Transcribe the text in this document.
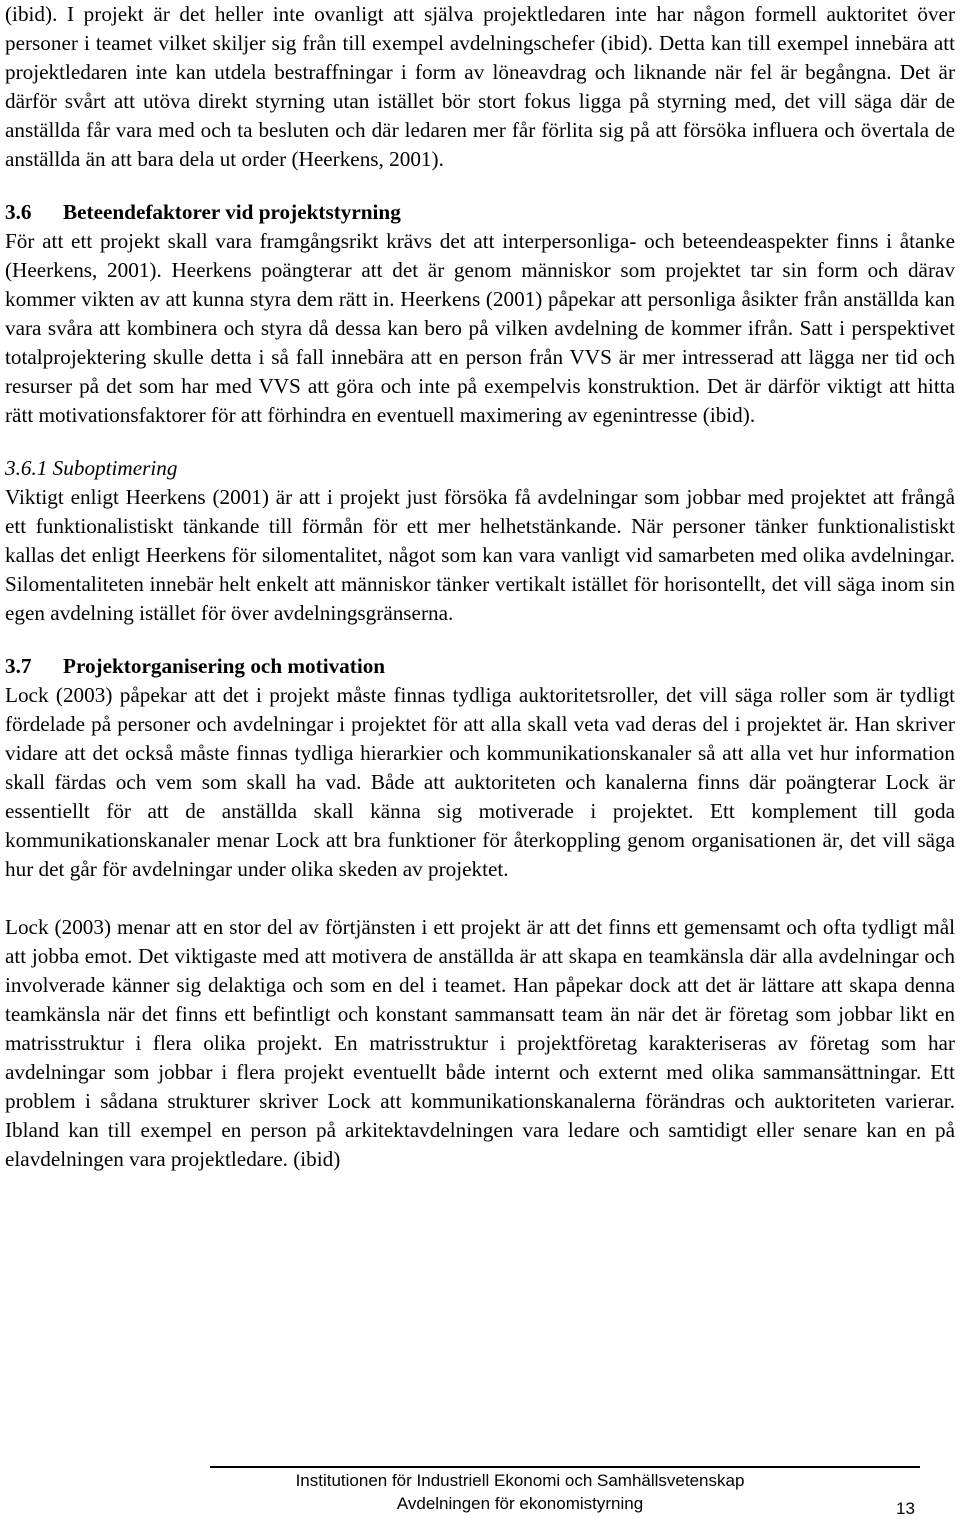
(ibid). I projekt är det heller inte ovanligt att själva projektledaren inte har någon formell auktoritet över personer i teamet vilket skiljer sig från till exempel avdelningschefer (ibid). Detta kan till exempel innebära att projektledaren inte kan utdela bestraffningar i form av löneavdrag och liknande när fel är begångna. Det är därför svårt att utöva direkt styrning utan istället bör stort fokus ligga på styrning med, det vill säga där de anställda får vara med och ta besluten och där ledaren mer får förlita sig på att försöka influera och övertala de anställda än att bara dela ut order (Heerkens, 2001).

3.6 Beteendefaktorer vid projektstyrning

För att ett projekt skall vara framgångsrikt krävs det att interpersonliga- och beteendeaspekter finns i åtanke (Heerkens, 2001). Heerkens poängterar att det är genom människor som projektet tar sin form och därav kommer vikten av att kunna styra dem rätt in. Heerkens (2001) påpekar att personliga åsikter från anställda kan vara svåra att kombinera och styra då dessa kan bero på vilken avdelning de kommer ifrån. Satt i perspektivet totalprojektering skulle detta i så fall innebära att en person från VVS är mer intresserad att lägga ner tid och resurser på det som har med VVS att göra och inte på exempelvis konstruktion. Det är därför viktigt att hitta rätt motivationsfaktorer för att förhindra en eventuell maximering av egenintresse (ibid).

3.6.1 Suboptimering

Viktigt enligt Heerkens (2001) är att i projekt just försöka få avdelningar som jobbar med projektet att frångå ett funktionalistiskt tänkande till förmån för ett mer helhetstänkande. När personer tänker funktionalistiskt kallas det enligt Heerkens för silomentalitet, något som kan vara vanligt vid samarbeten med olika avdelningar. Silomentaliteten innebär helt enkelt att människor tänker vertikalt istället för horisontellt, det vill säga inom sin egen avdelning istället för över avdelningsgränserna.

3.7 Projektorganisering och motivation

Lock (2003) påpekar att det i projekt måste finnas tydliga auktoritetsroller, det vill säga roller som är tydligt fördelade på personer och avdelningar i projektet för att alla skall veta vad deras del i projektet är. Han skriver vidare att det också måste finnas tydliga hierarkier och kommunikationskanaler så att alla vet hur information skall färdas och vem som skall ha vad. Både att auktoriteten och kanalerna finns där poängterar Lock är essentiellt för att de anställda skall känna sig motiverade i projektet. Ett komplement till goda kommunikationskanaler menar Lock att bra funktioner för återkoppling genom organisationen är, det vill säga hur det går för avdelningar under olika skeden av projektet.

Lock (2003) menar att en stor del av förtjänsten i ett projekt är att det finns ett gemensamt och ofta tydligt mål att jobba emot. Det viktigaste med att motivera de anställda är att skapa en teamkänsla där alla avdelningar och involverade känner sig delaktiga och som en del i teamet. Han påpekar dock att det är lättare att skapa denna teamkänsla när det finns ett befintligt och konstant sammansatt team än när det är företag som jobbar likt en matrisstruktur i flera olika projekt. En matrisstruktur i projektföretag karakteriseras av företag som har avdelningar som jobbar i flera projekt eventuellt både internt och externt med olika sammansättningar. Ett problem i sådana strukturer skriver Lock att kommunikationskanalerna förändras och auktoriteten varierar. Ibland kan till exempel en person på arkitektavdelningen vara ledare och samtidigt eller senare kan en på elavdelningen vara projektledare. (ibid)

Institutionen för Industriell Ekonomi och Samhällsvetenskap
Avdelningen för ekonomistyrning	13
